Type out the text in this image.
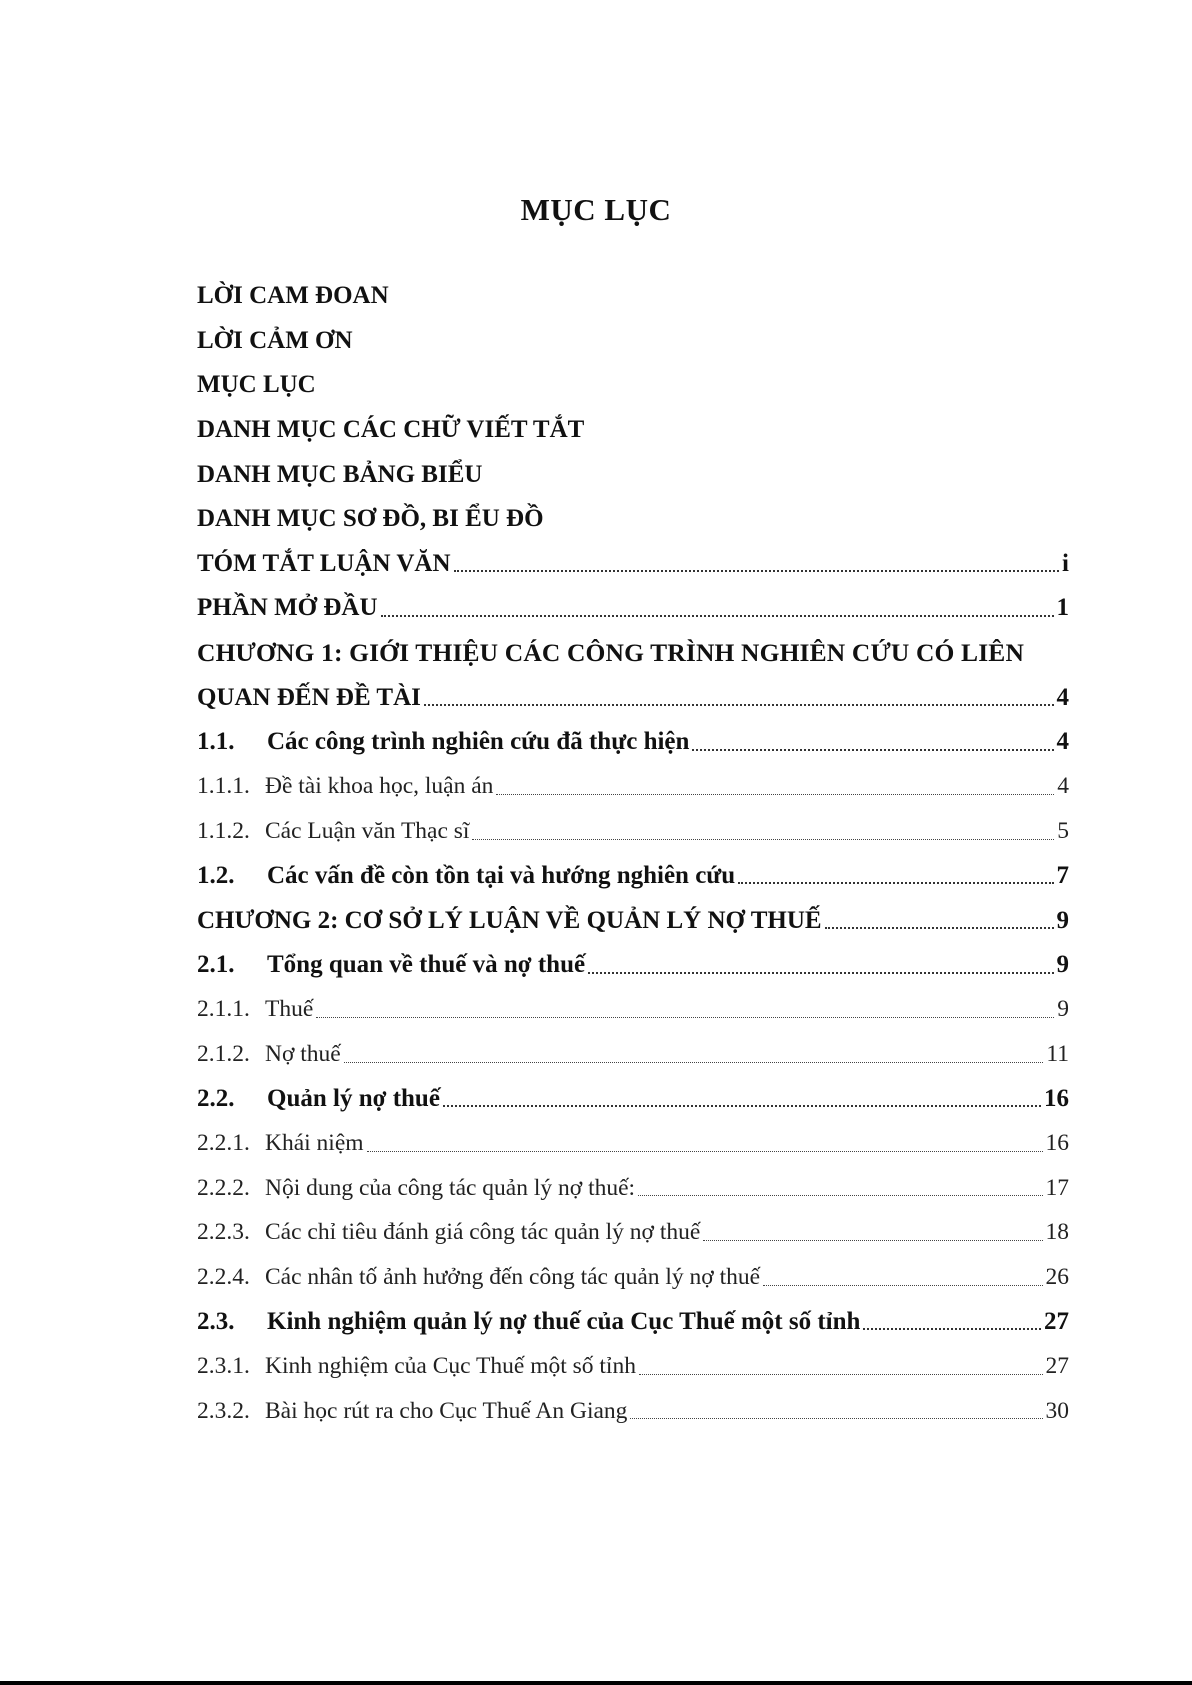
MỤC LỤC
LỜI CAM ĐOAN
LỜI CẢM ƠN
MỤC LỤC
DANH MỤC CÁC CHỮ VIẾT TẮT
DANH MỤC BẢNG BIỂU
DANH MỤC SƠ ĐỒ, BI ỂU ĐỒ
TÓM TẮT LUẬN VĂN	i
PHẦN MỞ ĐẦU	1
CHƯƠNG 1: GIỚI THIỆU CÁC CÔNG TRÌNH NGHIÊN CỨU CÓ LIÊN
QUAN ĐẾN ĐỀ TÀI	4
1.1.	Các công trình nghiên cứu đã thực hiện	4
1.1.1. Đề tài khoa học, luận án	4
1.1.2. Các Luận văn Thạc sĩ	5
1.2.	Các vấn đề còn tồn tại và hướng nghiên cứu	7
CHƯƠNG 2: CƠ SỞ LÝ LUẬN VỀ QUẢN LÝ NỢ THUẾ	9
2.1.	Tổng quan về thuế và nợ thuế	9
2.1.1. Thuế	9
2.1.2. Nợ thuế	11
2.2.	Quản lý nợ thuế	16
2.2.1. Khái niệm	16
2.2.2. Nội dung của công tác quản lý nợ thuế:	17
2.2.3. Các chỉ tiêu đánh giá công tác quản lý nợ thuế	18
2.2.4. Các nhân tố ảnh hưởng đến công tác quản lý nợ thuế	26
2.3.	Kinh nghiệm quản lý nợ thuế của Cục Thuế một số tỉnh	27
2.3.1. Kinh nghiệm của Cục Thuế một số tỉnh	27
2.3.2. Bài học rút ra cho Cục Thuế An Giang	30
